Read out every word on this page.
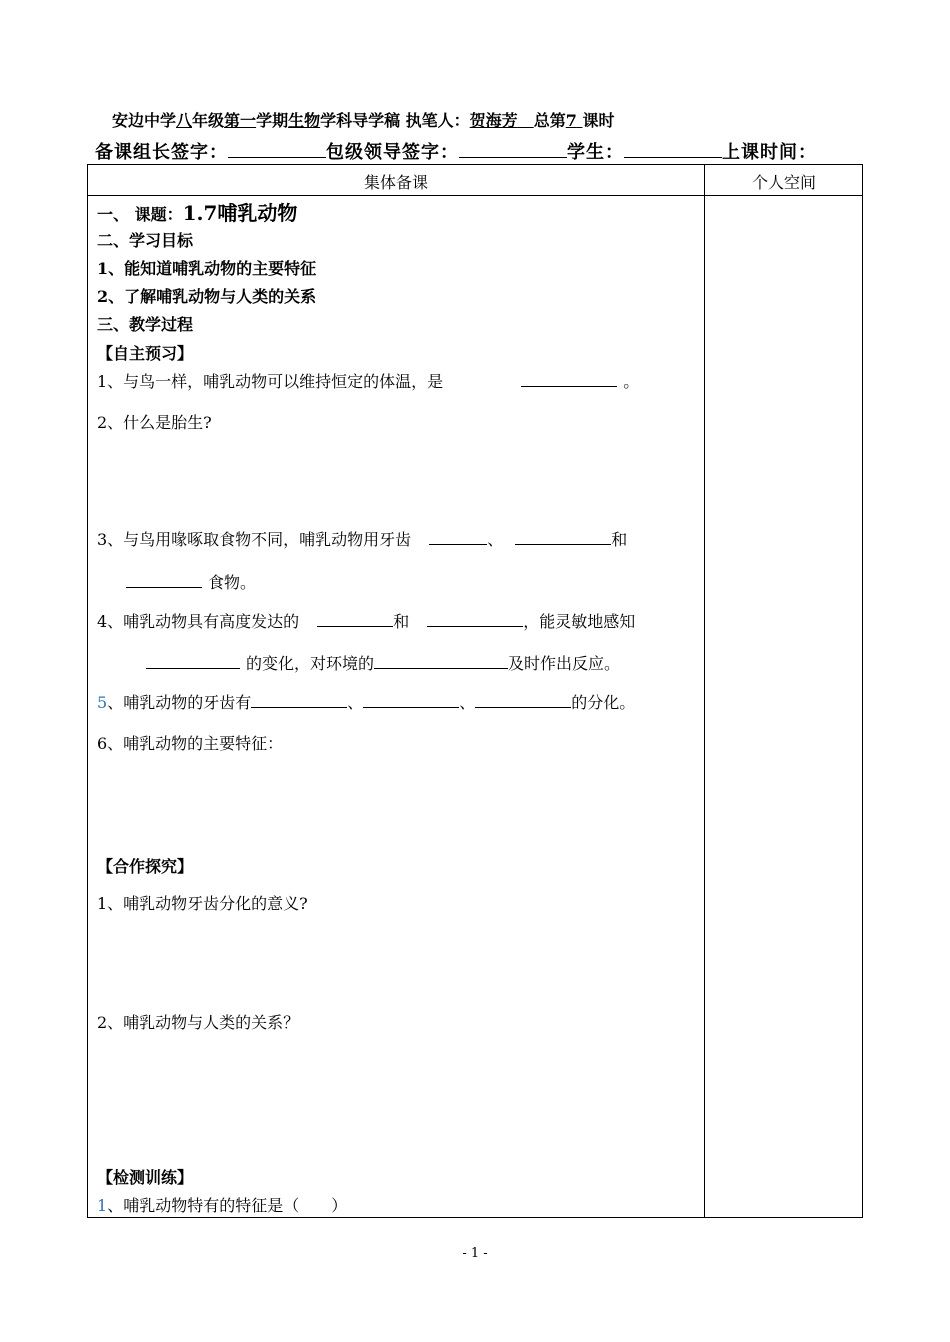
安边中学八年级第一学期生物学科导学稿 执笔人：贺海芳　 总第7 课时
备课组长签字：	包级领导签字：	学生：	上课时间：
集体备课	个人空间
一、 课题：1.7哺乳动物
二、学习目标
1、能知道哺乳动物的主要特征
2、了解哺乳动物与人类的关系
三、教学过程
【自主预习】
1、与鸟一样，哺乳动物可以维持恒定的体温，是	。
2、什么是胎生?
3、与鸟用喙啄取食物不同，哺乳动物用牙齿	、	和
食物。
4、哺乳动物具有高度发达的	和	，能灵敏地感知
的变化，对环境的	及时作出反应。
5、哺乳动物的牙齿有	、	、	的分化。
6、哺乳动物的主要特征：
【合作探究】
1、哺乳动物牙齿分化的意义?
2、哺乳动物与人类的关系？
【检测训练】
1、哺乳动物特有的特征是（　　）
- 1 -
